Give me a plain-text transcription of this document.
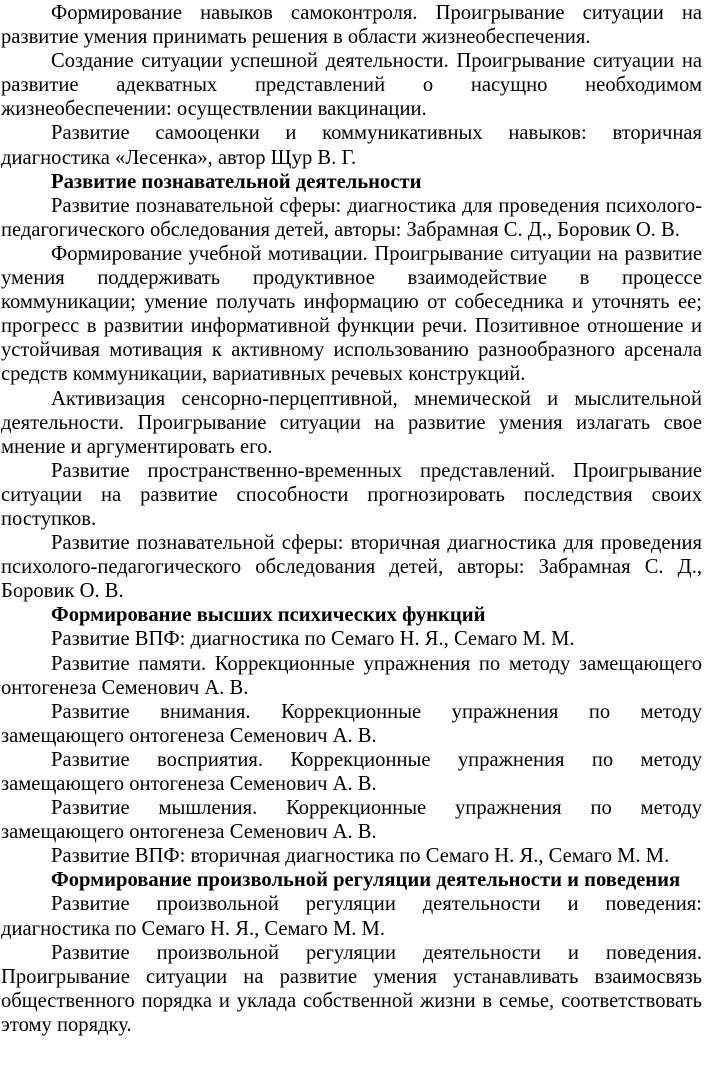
Формирование навыков самоконтроля. Проигрывание ситуации на развитие умения принимать решения в области жизнеобеспечения.

Создание ситуации успешной деятельности. Проигрывание ситуации на развитие адекватных представлений о насущно необходимом жизнеобеспечении: осуществлении вакцинации.

Развитие самооценки и коммуникативных навыков: вторичная диагностика «Лесенка», автор Щур В. Г.

Развитие познавательной деятельности

Развитие познавательной сферы: диагностика для проведения психолого-педагогического обследования детей, авторы: Забрамная С. Д., Боровик О. В.

Формирование учебной мотивации. Проигрывание ситуации на развитие умения поддерживать продуктивное взаимодействие в процессе коммуникации; умение получать информацию от собеседника и уточнять ее; прогресс в развитии информативной функции речи. Позитивное отношение и устойчивая мотивация к активному использованию разнообразного арсенала средств коммуникации, вариативных речевых конструкций.

Активизация сенсорно-перцептивной, мнемической и мыслительной деятельности. Проигрывание ситуации на развитие умения излагать свое мнение и аргументировать его.

Развитие пространственно-временных представлений. Проигрывание ситуации на развитие способности прогнозировать последствия своих поступков.

Развитие познавательной сферы: вторичная диагностика для проведения психолого-педагогического обследования детей, авторы: Забрамная С. Д., Боровик О. В.

Формирование высших психических функций

Развитие ВПФ: диагностика по Семаго Н. Я., Семаго М. М.

Развитие памяти. Коррекционные упражнения по методу замещающего онтогенеза Семенович А. В.

Развитие внимания. Коррекционные упражнения по методу замещающего онтогенеза Семенович А. В.

Развитие восприятия. Коррекционные упражнения по методу замещающего онтогенеза Семенович А. В.

Развитие мышления. Коррекционные упражнения по методу замещающего онтогенеза Семенович А. В.

Развитие ВПФ: вторичная диагностика по Семаго Н. Я., Семаго М. М.

Формирование произвольной регуляции деятельности и поведения

Развитие произвольной регуляции деятельности и поведения: диагностика по Семаго Н. Я., Семаго М. М.

Развитие произвольной регуляции деятельности и поведения. Проигрывание ситуации на развитие умения устанавливать взаимосвязь общественного порядка и уклада собственной жизни в семье, соответствовать этому порядку.
